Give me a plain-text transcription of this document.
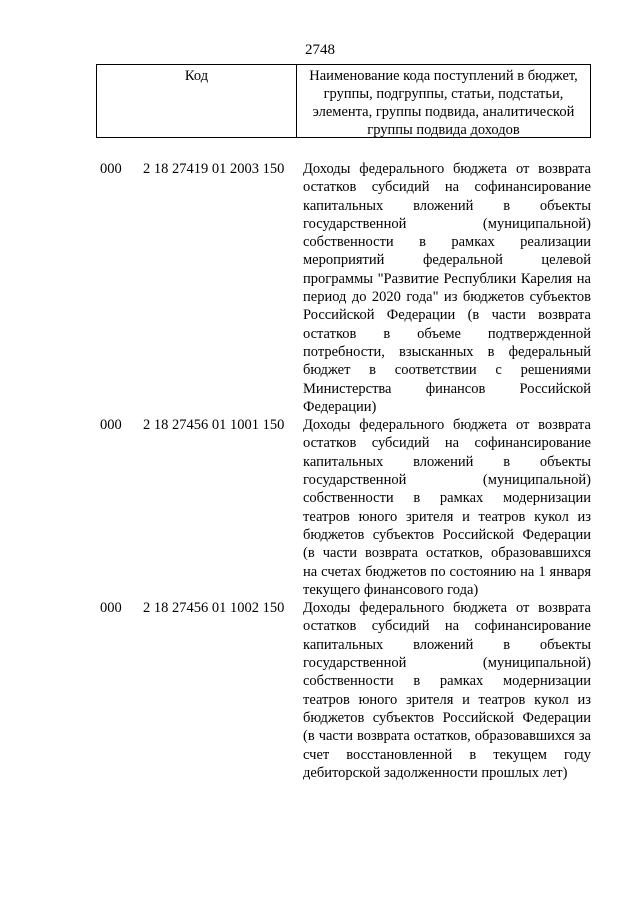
2748
Код	Наименование кода поступлений в бюджет, группы, подгруппы, статьи, подстатьи, элемента, группы подвида, аналитической группы подвида доходов
000	2 18 27419 01 2003 150	Доходы федерального бюджета от возврата остатков субсидий на софинансирование капитальных вложений в объекты государственной (муниципальной) собственности в рамках реализации мероприятий федеральной целевой программы "Развитие Республики Карелия на период до 2020 года" из бюджетов субъектов Российской Федерации (в части возврата остатков в объеме подтвержденной потребности, взысканных в федеральный бюджет в соответствии с решениями Министерства финансов Российской Федерации)
000	2 18 27456 01 1001 150	Доходы федерального бюджета от возврата остатков субсидий на софинансирование капитальных вложений в объекты государственной (муниципальной) собственности в рамках модернизации театров юного зрителя и театров кукол из бюджетов субъектов Российской Федерации (в части возврата остатков, образовавшихся на счетах бюджетов по состоянию на 1 января текущего финансового года)
000	2 18 27456 01 1002 150	Доходы федерального бюджета от возврата остатков субсидий на софинансирование капитальных вложений в объекты государственной (муниципальной) собственности в рамках модернизации театров юного зрителя и театров кукол из бюджетов субъектов Российской Федерации (в части возврата остатков, образовавшихся за счет восстановленной в текущем году дебиторской задолженности прошлых лет)
